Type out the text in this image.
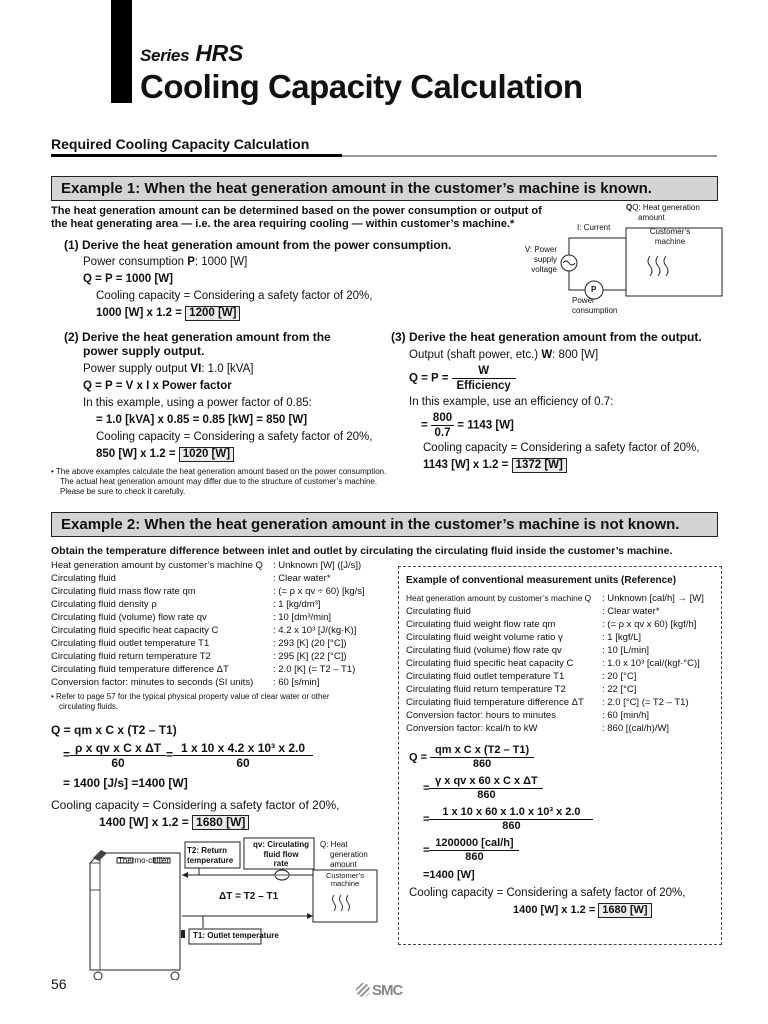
Series HRS
Cooling Capacity Calculation
Required Cooling Capacity Calculation
Example 1: When the heat generation amount in the customer’s machine is known.
The heat generation amount can be determined based on the power consumption or output of
the heat generating area — i.e. the area requiring cooling — within customer’s machine.*
(1) Derive the heat generation amount from the power consumption.
Power consumption P: 1000 [W]
Q = P = 1000 [W]
Cooling capacity = Considering a safety factor of 20%,
1000 [W] x 1.2 = 1200 [W]
QQ: Heat generation
amount
I: Current	Customer’s
machine
V: Power
supply
voltage
P
Power
consumption
(2) Derive the heat generation amount from the
power supply output.
Power supply output VI: 1.0 [kVA]
Q = P = V x I x Power factor
In this example, using a power factor of 0.85:
= 1.0 [kVA] x 0.85 = 0.85 [kW] = 850 [W]
Cooling capacity = Considering a safety factor of 20%,
850 [W] x 1.2 = 1020 [W]
(3) Derive the heat generation amount from the output.
Output (shaft power, etc.) W: 800 [W]
$Q = P = \frac{W}{\text{Efficiency}}$
In this example, use an efficiency of 0.7:
= $\frac{800}{0.7} = 1143$ [W]
Cooling capacity = Considering a safety factor of 20%,
1143 [W] x 1.2 = 1372 [W]
• The above examples calculate the heat generation amount based on the power consumption.
The actual heat generation amount may differ due to the structure of customer’s machine.
Please be sure to check it carefully.
Example 2: When the heat generation amount in the customer’s machine is not known.
Obtain the temperature difference between inlet and outlet by circulating the circulating fluid inside the customer’s machine.
Heat generation amount by customer’s machine Q	: Unknown [W] ([J/s])
Circulating fluid	: Clear water*
Circulating fluid mass flow rate qm	: (= ρ x qv ÷ 60) [kg/s]
Circulating fluid density ρ	: 1 [kg/dm³]
Circulating fluid (volume) flow rate qv	: 10 [dm³/min]
Circulating fluid specific heat capacity C	: 4.2 x 10³ [J/(kg·K)]
Circulating fluid outlet temperature T1	: 293 [K] (20 [°C])
Circulating fluid return temperature T2	: 295 [K] (22 [°C])
Circulating fluid temperature difference ΔT	: 2.0 [K] (= T2 – T1)
Conversion factor: minutes to seconds (SI units)	: 60 [s/min]
• Refer to page 57 for the typical physical property value of clear water or other
circulating fluids.
Q = qm x C x (T2 – T1)
= $\frac{\text{ρ x qv x C x ΔT}}{60} = \frac{\text{1 x 10 x 4.2 x 10³ x 2.0}}{60}$
= 1400 [J/s] =1400 [W]
Cooling capacity = Considering a safety factor of 20%,
1400 [W] x 1.2 = 1680 [W]
Example of conventional measurement units (Reference)
Heat generation amount by customer’s machine Q	: Unknown [cal/h] → [W]
Circulating fluid	: Clear water*
Circulating fluid weight flow rate qm	: (= ρ x qv x 60) [kgf/h]
Circulating fluid weight volume ratio γ	: 1 [kgf/L]
Circulating fluid (volume) flow rate qv	: 10 [L/min]
Circulating fluid specific heat capacity C	: 1.0 x 10³ [cal/(kgf·°C)]
Circulating fluid outlet temperature T1	: 20 [°C]
Circulating fluid return temperature T2	: 22 [°C]
Circulating fluid temperature difference ΔT	: 2.0 [°C] (= T2 – T1)
Conversion factor: hours to minutes	: 60 [min/h]
Conversion factor: kcal/h to kW	: 860 [(cal/h)/W]
$Q = \frac{\text{qm x C x (T2 – T1)}}{860}$
= $\frac{\text{γ x qv x 60 x C x ΔT}}{860}$
= $\frac{\text{1 x 10 x 60 x 1.0 x 10³ x 2.0}}{860}$
= $\frac{\text{1200000 [cal/h]}}{860}$
=1400 [W]
Cooling capacity = Considering a safety factor of 20%,
1400 [W] x 1.2 = 1680 [W]
Thermo-chiller
T2: Return
temperature
qv: Circulating
fluid flow
rate
Q: Heat
generation
amount
Customer’s
machine
ΔT = T2 – T1
T1: Outlet temperature
56	SMC
